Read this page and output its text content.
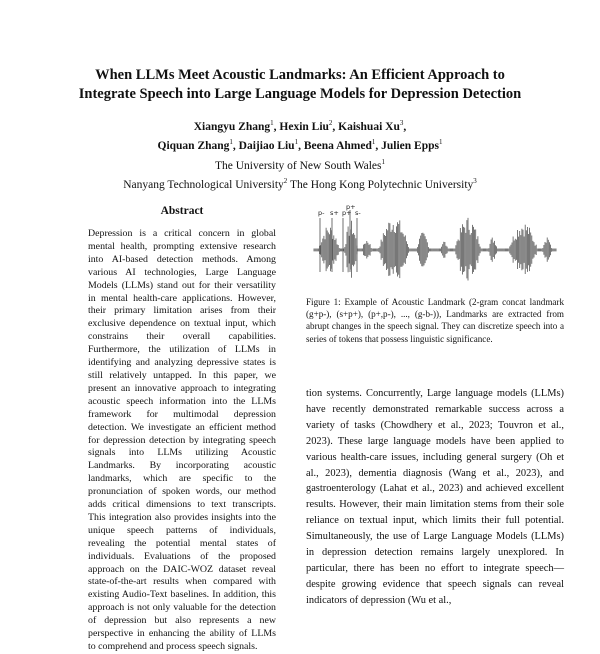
When LLMs Meet Acoustic Landmarks: An Efficient Approach to
Integrate Speech into Large Language Models for Depression Detection
Xiangyu Zhang$^1$, Hexin Liu$^2$, Kaishuai Xu$^3$,
Qiquan Zhang$^1$, Daijiao Liu$^1$, Beena Ahmed$^1$, Julien Epps$^1$
The University of New South Wales$^1$
Nanyang Technological University$^2$ The Hong Kong Polytechnic University$^3$
Abstract
Depression is a critical concern in global mental health, prompting extensive research into AI-based detection methods. Among various AI technologies, Large Language Models (LLMs) stand out for their versatility in mental health-care applications. However, their primary limitation arises from their exclusive dependence on textual input, which constrains their overall capabilities. Furthermore, the utilization of LLMs in identifying and analyzing depressive states is still relatively untapped. In this paper, we present an innovative approach to integrating acoustic speech information into the LLMs framework for multimodal depression detection. We investigate an efficient method for depression detection by integrating speech signals into LLMs utilizing Acoustic Landmarks. By incorporating acoustic landmarks, which are specific to the pronunciation of spoken words, our method adds critical dimensions to text transcripts. This integration also provides insights into the unique speech patterns of individuals, revealing the potential mental states of individuals. Evaluations of the proposed approach on the DAIC-WOZ dataset reveal state-of-the-art results when compared with existing Audio-Text baselines. In addition, this approach is not only valuable for the detection of depression but also represents a new perspective in enhancing the ability of LLMs to comprehend and process speech signals.
p+
p- s+ p+ s-
Figure 1: Example of Acoustic Landmark (2-gram concat landmark (g+p-), (s+p+), (p+,p-), ..., (g-b-)), Landmarks are extracted from abrupt changes in the speech signal. They can discretize speech into a series of tokens that possess linguistic significance.
tion systems. Concurrently, Large language models (LLMs) have recently demonstrated remarkable success across a variety of tasks (Chowdhery et al., 2023; Touvron et al., 2023). These large language models have been applied to various health-care issues, including general surgery (Oh et al., 2023), dementia diagnosis (Wang et al., 2023), and gastroenterology (Lahat et al., 2023) and achieved excellent results. However, their main limitation stems from their sole reliance on textual input, which limits their full potential. Simultaneously, the use of Large Language Models (LLMs) in depression detection remains largely unexplored. In particular, there has been no effort to integrate speech—despite growing evidence that speech signals can reveal indicators of depression (Wu et al.,
